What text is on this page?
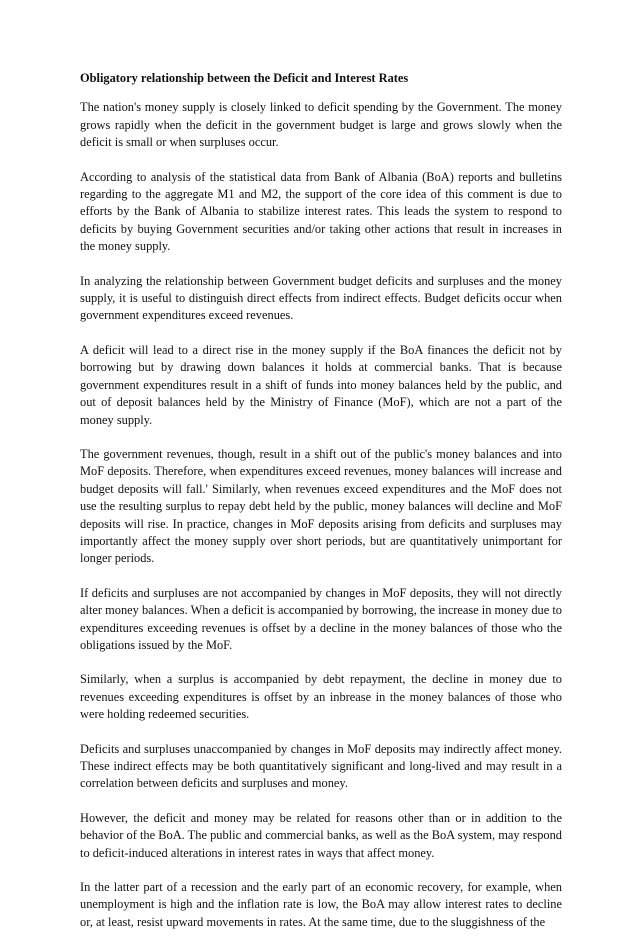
Obligatory relationship between the Deficit and Interest Rates

The nation's money supply is closely linked to deficit spending by the Government. The money grows rapidly when the deficit in the government budget is large and grows slowly when the deficit is small or when surpluses occur.

According to analysis of the statistical data from Bank of Albania (BoA) reports and bulletins regarding to the aggregate M1 and M2, the support of the core idea of this comment is due to efforts by the Bank of Albania to stabilize interest rates. This leads the system to respond to deficits by buying Government securities and/or taking other actions that result in increases in the money supply.

In analyzing the relationship between Government budget deficits and surpluses and the money supply, it is useful to distinguish direct effects from indirect effects. Budget deficits occur when government expenditures exceed revenues.

A deficit will lead to a direct rise in the money supply if the BoA finances the deficit not by borrowing but by drawing down balances it holds at commercial banks. That is because government expenditures result in a shift of funds into money balances held by the public, and out of deposit balances held by the Ministry of Finance (MoF), which are not a part of the money supply.

The government revenues, though, result in a shift out of the public's money balances and into MoF deposits. Therefore, when expenditures exceed revenues, money balances will increase and budget deposits will fall.' Similarly, when revenues exceed expenditures and the MoF does not use the resulting surplus to repay debt held by the public, money balances will decline and MoF deposits will rise. In practice, changes in MoF deposits arising from deficits and surpluses may importantly affect the money supply over short periods, but are quantitatively unimportant for longer periods.

If deficits and surpluses are not accompanied by changes in MoF deposits, they will not directly alter money balances. When a deficit is accompanied by borrowing, the increase in money due to expenditures exceeding revenues is offset by a decline in the money balances of those who the obligations issued by the MoF.

Similarly, when a surplus is accompanied by debt repayment, the decline in money due to revenues exceeding expenditures is offset by an inbrease in the money balances of those who were holding redeemed securities.

Deficits and surpluses unaccompanied by changes in MoF deposits may indirectly affect money. These indirect effects may be both quantitatively significant and long-lived and may result in a correlation between deficits and surpluses and money.

However, the deficit and money may be related for reasons other than or in addition to the behavior of the BoA. The public and commercial banks, as well as the BoA system, may respond to deficit-induced alterations in interest rates in ways that affect money.

In the latter part of a recession and the early part of an economic recovery, for example, when unemployment is high and the inflation rate is low, the BoA may allow interest rates to decline or, at least, resist upward movements in rates. At the same time, due to the sluggishness of the
